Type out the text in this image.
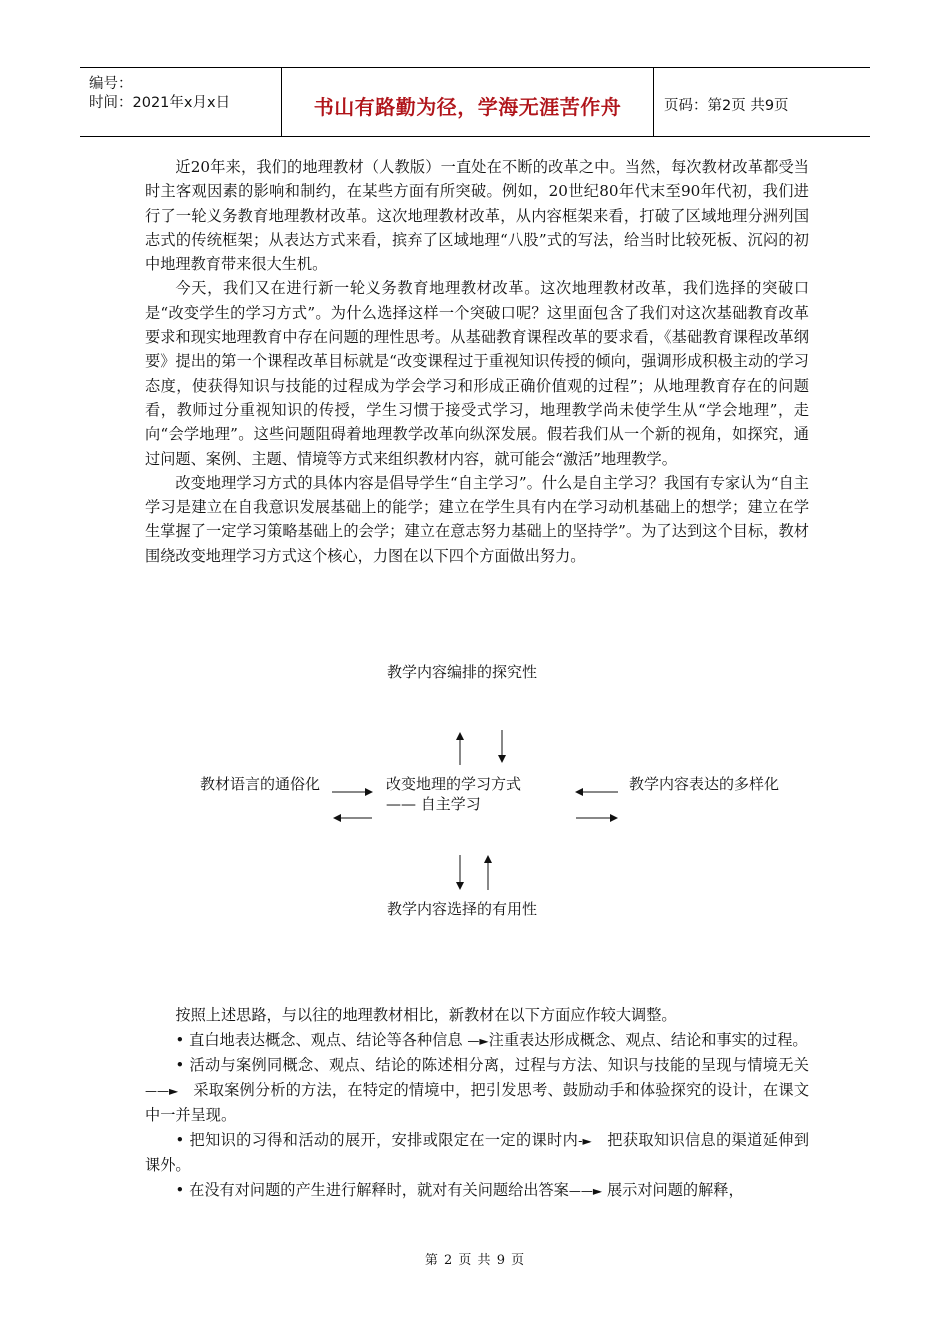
编号：
时间：2021年x月x日	书山有路勤为径，学海无涯苦作舟	页码：第2页 共9页

近20年来，我们的地理教材（人教版）一直处在不断的改革之中。当然，每次教材改革都受当时主客观因素的影响和制约，在某些方面有所突破。例如，20世纪80年代末至90年代初，我们进行了一轮义务教育地理教材改革。这次地理教材改革，从内容框架来看，打破了区域地理分洲列国志式的传统框架；从表达方式来看，摈弃了区域地理“八股”式的写法，给当时比较死板、沉闷的初中地理教育带来很大生机。

今天，我们又在进行新一轮义务教育地理教材改革。这次地理教材改革，我们选择的突破口是“改变学生的学习方式”。为什么选择这样一个突破口呢？这里面包含了我们对这次基础教育改革要求和现实地理教育中存在问题的理性思考。从基础教育课程改革的要求看，《基础教育课程改革纲要》提出的第一个课程改革目标就是“改变课程过于重视知识传授的倾向，强调形成积极主动的学习态度，使获得知识与技能的过程成为学会学习和形成正确价值观的过程”；从地理教育存在的问题看，教师过分重视知识的传授，学生习惯于接受式学习，地理教学尚未使学生从“学会地理”，走向“会学地理”。这些问题阻碍着地理教学改革向纵深发展。假若我们从一个新的视角，如探究，通过问题、案例、主题、情境等方式来组织教材内容，就可能会“激活”地理教学。

改变地理学习方式的具体内容是倡导学生“自主学习”。什么是自主学习？我国有专家认为“自主学习是建立在自我意识发展基础上的能学；建立在学生具有内在学习动机基础上的想学；建立在学生掌握了一定学习策略基础上的会学；建立在意志努力基础上的坚持学”。为了达到这个目标，教材围绕改变地理学习方式这个核心，力图在以下四个方面做出努力。

教学内容编排的探究性
教材语言的通俗化	改变地理的学习方式
—— 自主学习
教学内容表达的多样化
教学内容选择的有用性

按照上述思路，与以往的地理教材相比，新教材在以下方面应作较大调整。

• 直白地表达概念、观点、结论等各种信息 —►注重表达形成概念、观点、结论和事实的过程。

• 活动与案例同概念、观点、结论的陈述相分离，过程与方法、知识与技能的呈现与情境无关——► 采取案例分析的方法，在特定的情境中，把引发思考、鼓励动手和体验探究的设计，在课文中一并呈现。

• 把知识的习得和活动的展开，安排或限定在一定的课时内-► 把获取知识信息的渠道延伸到课外。

• 在没有对问题的产生进行解释时，就对有关问题给出答案——► 展示对问题的解释，

第 2 页 共 9 页
